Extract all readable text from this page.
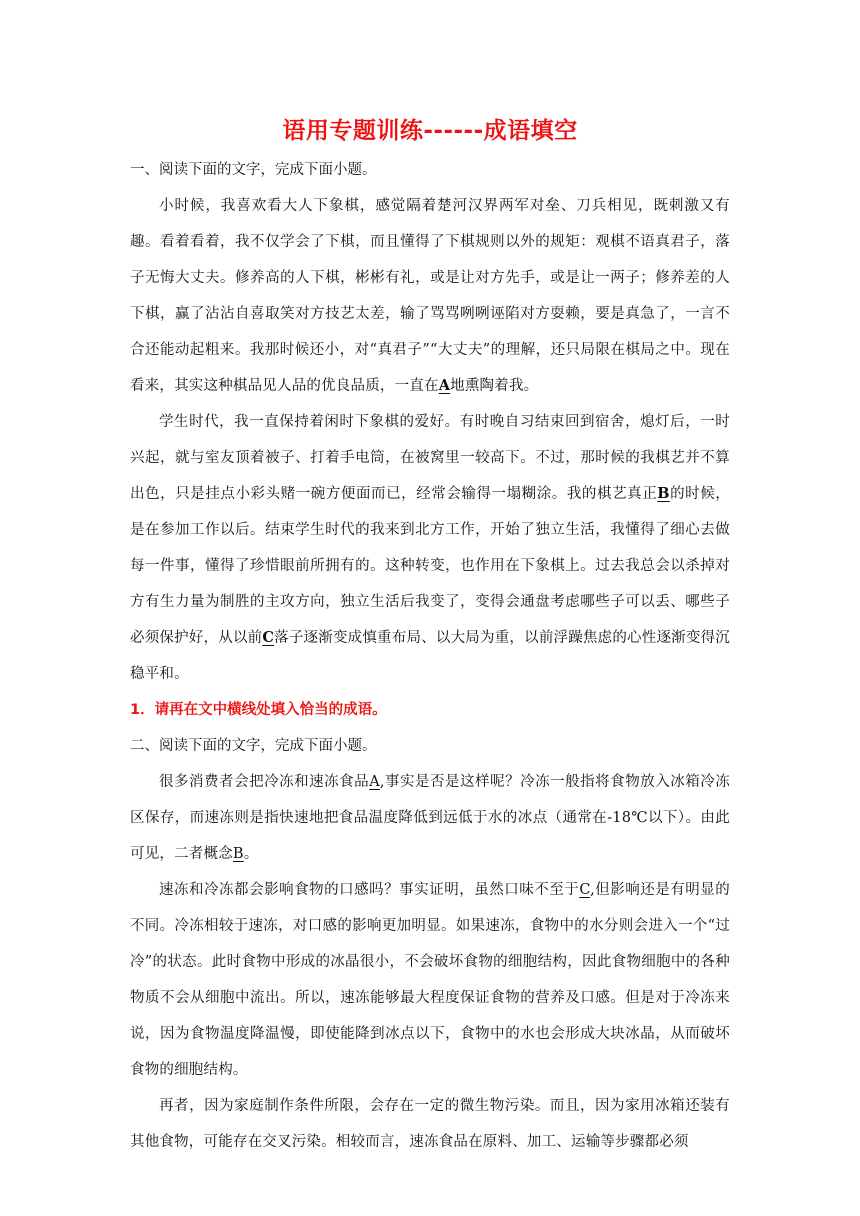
语用专题训练------成语填空

一、阅读下面的文字，完成下面小题。

小时候，我喜欢看大人下象棋，感觉隔着楚河汉界两军对垒、刀兵相见，既刺激又有趣。看着看着，我不仅学会了下棋，而且懂得了下棋规则以外的规矩：观棋不语真君子，落子无悔大丈夫。修养高的人下棋，彬彬有礼，或是让对方先手，或是让一两子；修养差的人下棋，赢了沾沾自喜取笑对方技艺太差，输了骂骂咧咧诬陷对方耍赖，要是真急了，一言不合还能动起粗来。我那时候还小，对“真君子”“大丈夫”的理解，还只局限在棋局之中。现在看来，其实这种棋品见人品的优良品质，一直在A地熏陶着我。

学生时代，我一直保持着闲时下象棋的爱好。有时晚自习结束回到宿舍，熄灯后，一时兴起，就与室友顶着被子、打着手电筒，在被窝里一较高下。不过，那时候的我棋艺并不算出色，只是挂点小彩头赌一碗方便面而已，经常会输得一塌糊涂。我的棋艺真正B的时候，是在参加工作以后。结束学生时代的我来到北方工作，开始了独立生活，我懂得了细心去做每一件事，懂得了珍惜眼前所拥有的。这种转变，也作用在下象棋上。过去我总会以杀掉对方有生力量为制胜的主攻方向，独立生活后我变了，变得会通盘考虑哪些子可以丢、哪些子必须保护好，从以前C落子逐渐变成慎重布局、以大局为重，以前浮躁焦虑的心性逐渐变得沉稳平和。

1．请再在文中横线处填入恰当的成语。

二、阅读下面的文字，完成下面小题。

很多消费者会把冷冻和速冻食品A,事实是否是这样呢？冷冻一般指将食物放入冰箱冷冻区保存，而速冻则是指快速地把食品温度降低到远低于水的冰点（通常在-18℃以下）。由此可见，二者概念B。

速冻和冷冻都会影响食物的口感吗？事实证明，虽然口味不至于C,但影响还是有明显的不同。冷冻相较于速冻，对口感的影响更加明显。如果速冻，食物中的水分则会进入一个“过冷”的状态。此时食物中形成的冰晶很小，不会破坏食物的细胞结构，因此食物细胞中的各种物质不会从细胞中流出。所以，速冻能够最大程度保证食物的营养及口感。但是对于冷冻来说，因为食物温度降温慢，即使能降到冰点以下，食物中的水也会形成大块冰晶，从而破坏食物的细胞结构。

再者，因为家庭制作条件所限，会存在一定的微生物污染。而且，因为家用冰箱还装有其他食物，可能存在交叉污染。相较而言，速冻食品在原料、加工、运输等步骤都必须
